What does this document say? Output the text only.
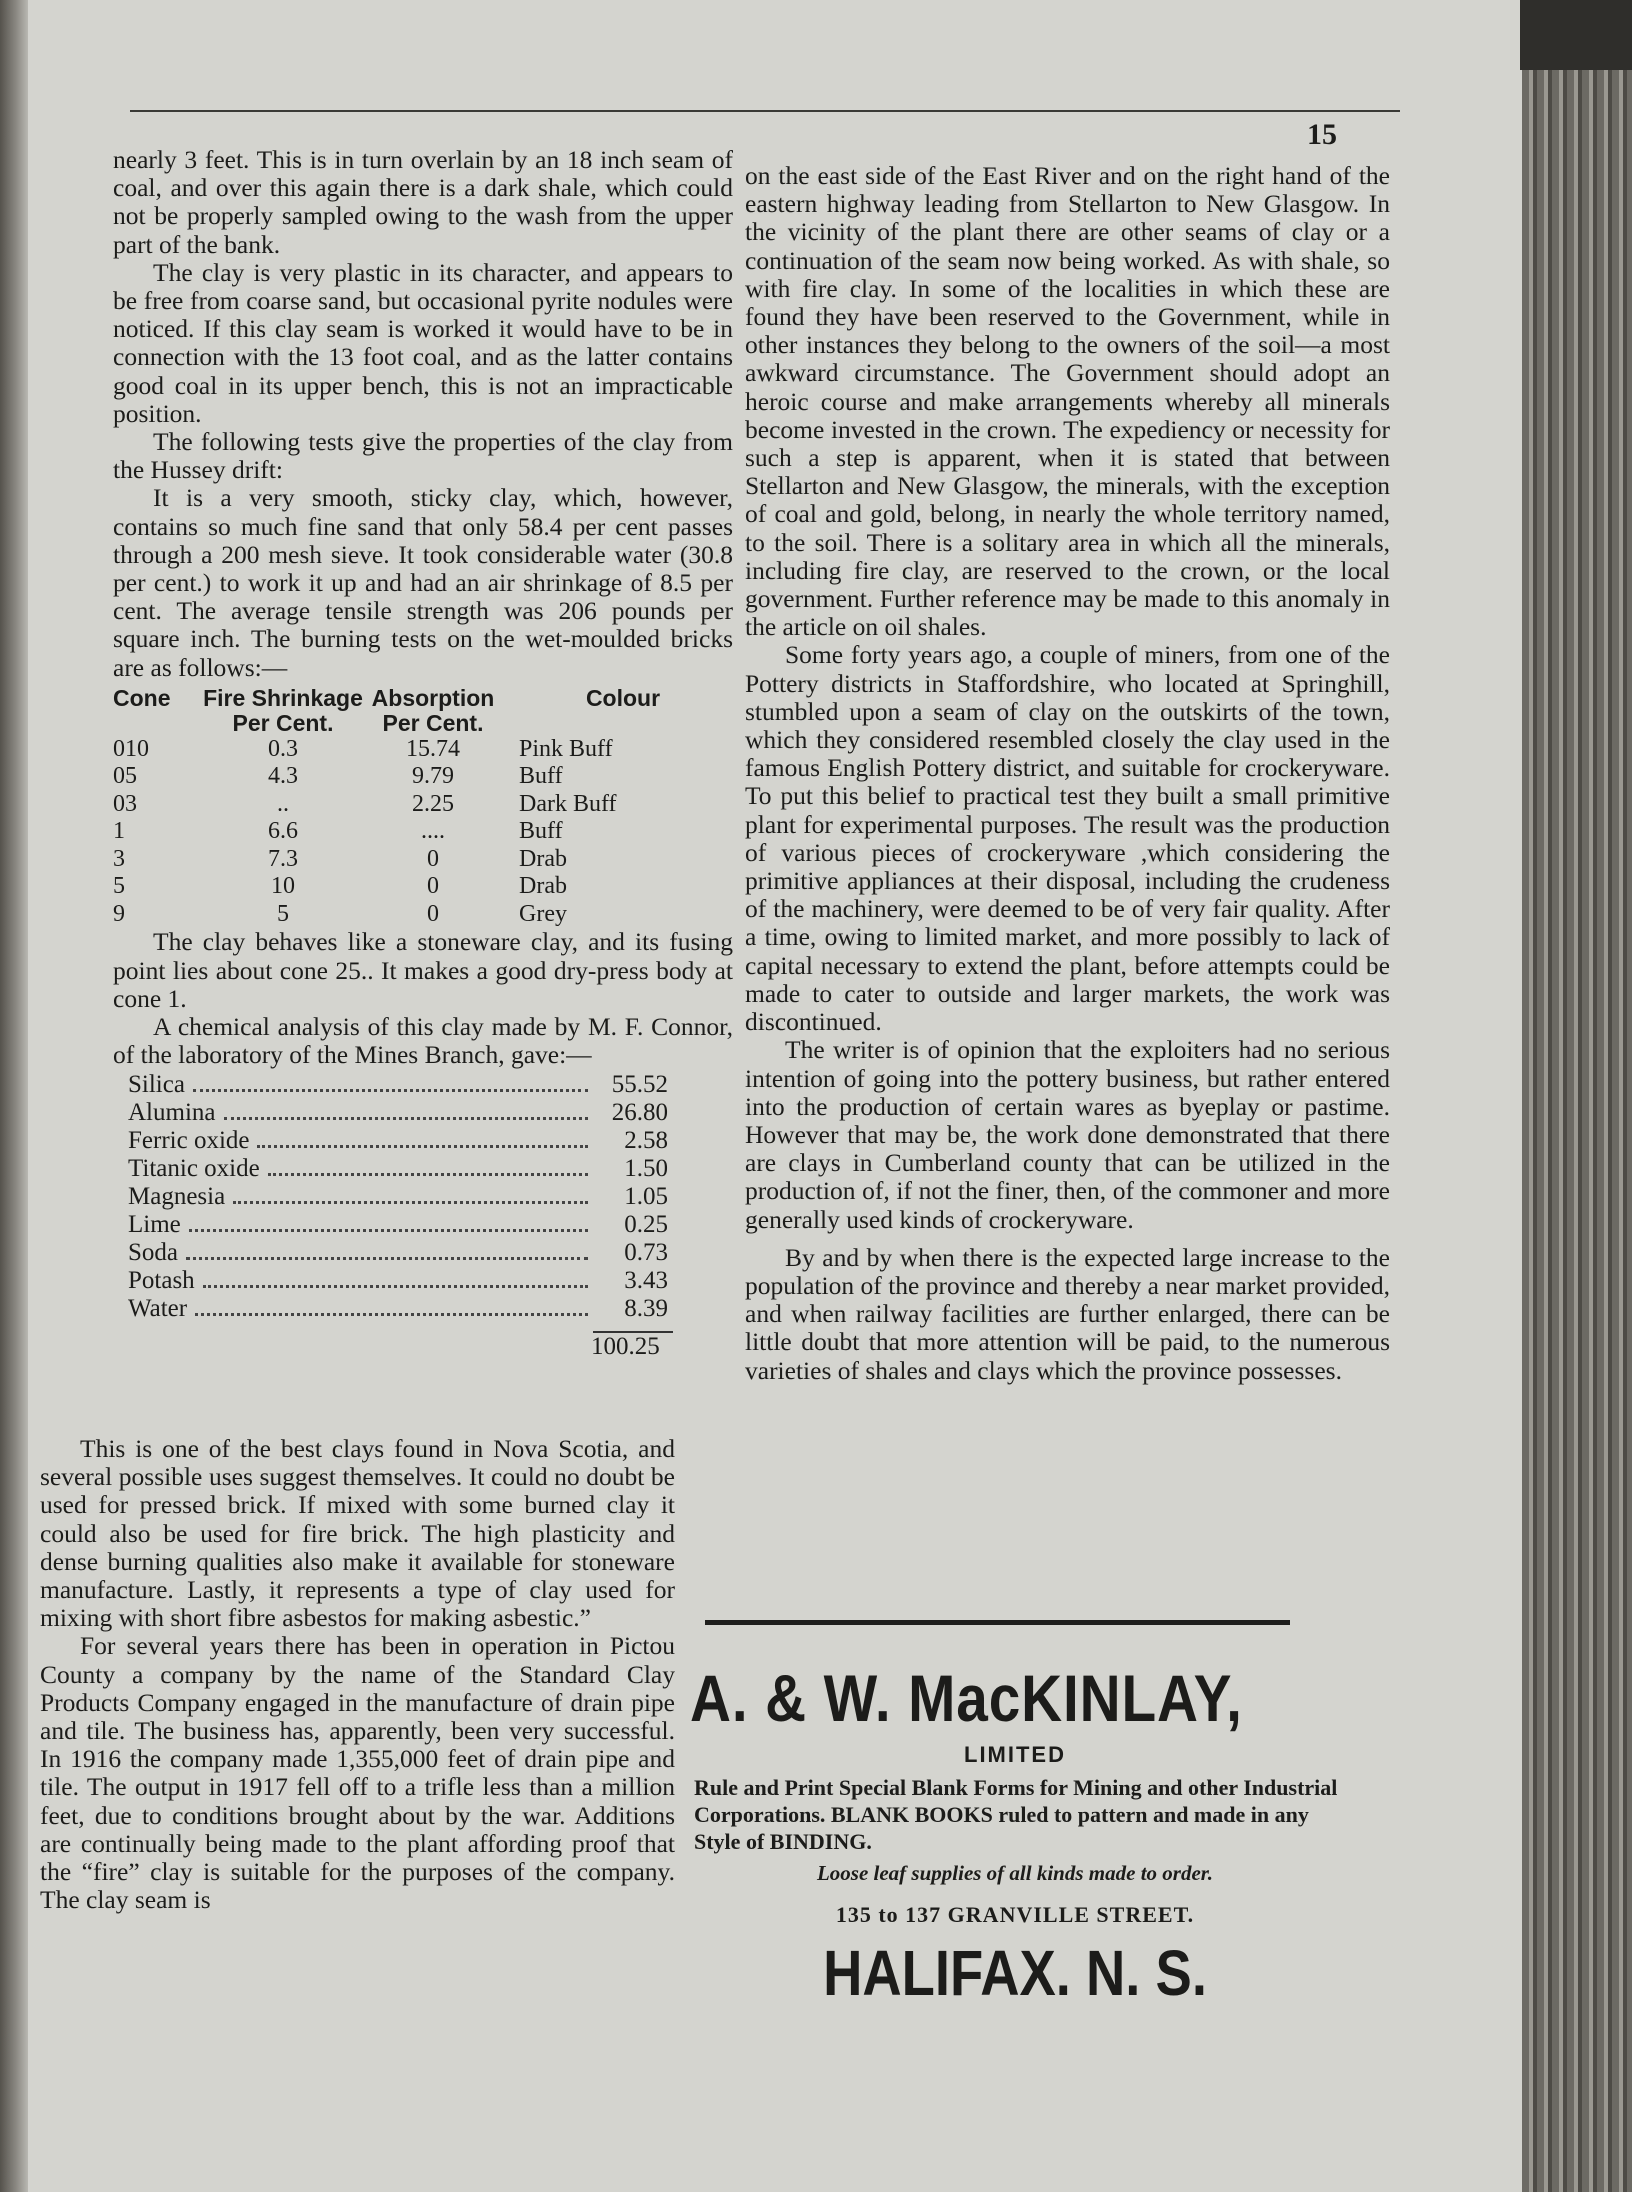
15

nearly 3 feet. This is in turn overlain by an 18 inch seam of coal, and over this again there is a dark shale, which could not be properly sampled owing to the wash from the upper part of the bank.

The clay is very plastic in its character, and appears to be free from coarse sand, but occasional pyrite nodules were noticed. If this clay seam is worked it would have to be in connection with the 13 foot coal, and as the latter contains good coal in its upper bench, this is not an impracticable position.

The following tests give the properties of the clay from the Hussey drift:

It is a very smooth, sticky clay, which, however, contains so much fine sand that only 58.4 per cent passes through a 200 mesh sieve. It took considerable water (30.8 per cent.) to work it up and had an air shrinkage of 8.5 per cent. The average tensile strength was 206 pounds per square inch. The burning tests on the wet-moulded bricks are as follows:—

Cone	Fire Shrinkage Per Cent.	Absorption Per Cent.	Colour
010	0.3	15.74	Pink Buff
05	4.3	9.79	Buff
03	..	2.25	Dark Buff
1	6.6	....	Buff
3	7.3	0	Drab
5	10	0	Drab
9	5	0	Grey

The clay behaves like a stoneware clay, and its fusing point lies about cone 25.. It makes a good dry-press body at cone 1.

A chemical analysis of this clay made by M. F. Connor, of the laboratory of the Mines Branch, gave:—

Silica	55.52
Alumina	26.80
Ferric oxide	2.58
Titanic oxide	1.50
Magnesia	1.05
Lime	0.25
Soda	0.73
Potash	3.43
Water	8.39
100.25

This is one of the best clays found in Nova Scotia, and several possible uses suggest themselves. It could no doubt be used for pressed brick. If mixed with some burned clay it could also be used for fire brick. The high plasticity and dense burning qualities also make it available for stoneware manufacture. Lastly, it represents a type of clay used for mixing with short fibre asbestos for making asbestic.”

For several years there has been in operation in Pictou County a company by the name of the Standard Clay Products Company engaged in the manufacture of drain pipe and tile. The business has, apparently, been very successful. In 1916 the company made 1,355,000 feet of drain pipe and tile. The output in 1917 fell off to a trifle less than a million feet, due to conditions brought about by the war. Additions are continually being made to the plant affording proof that the “fire” clay is suitable for the purposes of the company. The clay seam is

on the east side of the East River and on the right hand of the eastern highway leading from Stellarton to New Glasgow. In the vicinity of the plant there are other seams of clay or a continuation of the seam now being worked. As with shale, so with fire clay. In some of the localities in which these are found they have been reserved to the Government, while in other instances they belong to the owners of the soil—a most awkward circumstance. The Government should adopt an heroic course and make arrangements whereby all minerals become invested in the crown. The expediency or necessity for such a step is apparent, when it is stated that between Stellarton and New Glasgow, the minerals, with the exception of coal and gold, belong, in nearly the whole territory named, to the soil. There is a solitary area in which all the minerals, including fire clay, are reserved to the crown, or the local government. Further reference may be made to this anomaly in the article on oil shales.

Some forty years ago, a couple of miners, from one of the Pottery districts in Staffordshire, who located at Springhill, stumbled upon a seam of clay on the outskirts of the town, which they considered resembled closely the clay used in the famous English Pottery district, and suitable for crockeryware. To put this belief to practical test they built a small primitive plant for experimental purposes. The result was the production of various pieces of crockeryware ,which considering the primitive appliances at their disposal, including the crudeness of the machinery, were deemed to be of very fair quality. After a time, owing to limited market, and more possibly to lack of capital necessary to extend the plant, before attempts could be made to cater to outside and larger markets, the work was discontinued.

The writer is of opinion that the exploiters had no serious intention of going into the pottery business, but rather entered into the production of certain wares as byeplay or pastime. However that may be, the work done demonstrated that there are clays in Cumberland county that can be utilized in the production of, if not the finer, then, of the commoner and more generally used kinds of crockeryware.

By and by when there is the expected large increase to the population of the province and thereby a near market provided, and when railway facilities are further enlarged, there can be little doubt that more attention will be paid, to the numerous varieties of shales and clays which the province possesses.

A. & W. MacKINLAY,
LIMITED
Rule and Print Special Blank Forms for Mining and other Industrial Corporations. BLANK BOOKS ruled to pattern and made in any Style of BINDING.
Loose leaf supplies of all kinds made to order.
135 to 137 GRANVILLE STREET.
HALIFAX. N. S.
